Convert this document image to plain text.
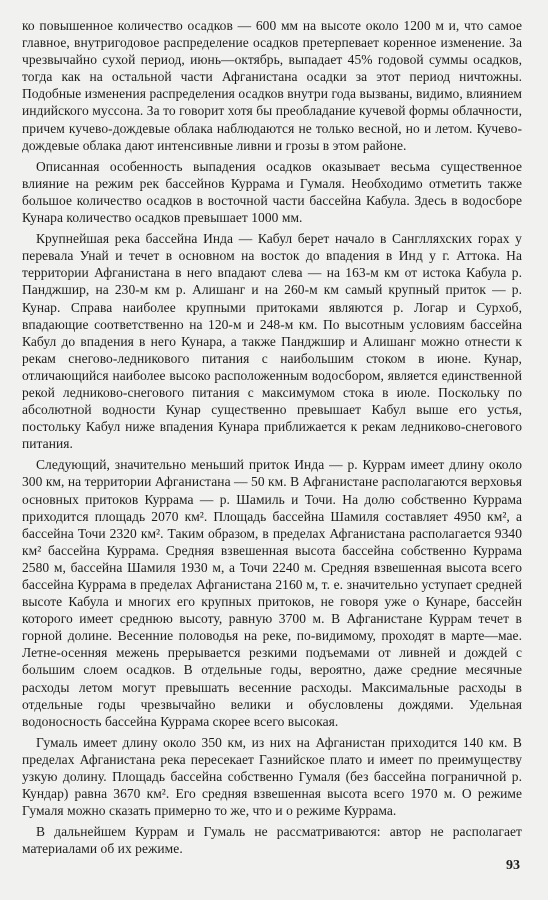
ко повышенное количество осадков — 600 мм на высоте около 1200 м и, что самое главное, внутригодовое распределение осадков претерпевает коренное изменение. За чрезвычайно сухой период, июнь—октябрь, выпадает 45% годовой суммы осадков, тогда как на остальной части Афганистана осадки за этот период ничтожны. Подобные изменения распределения осадков внутри года вызваны, видимо, влиянием индийского муссона. За то говорит хотя бы преобладание кучевой формы облачности, причем кучево-дождевые облака наблюдаются не только весной, но и летом. Кучево-дождевые облака дают интенсивные ливни и грозы в этом районе.

Описанная особенность выпадения осадков оказывает весьма существенное влияние на режим рек бассейнов Куррама и Гумаля. Необходимо отметить также большое количество осадков в восточной части бассейна Кабула. Здесь в водосборе Кунара количество осадков превышает 1000 мм.

Крупнейшая река бассейна Инда — Кабул берет начало в Санглляхских горах у перевала Унай и течет в основном на восток до впадения в Инд у г. Аттока. На территории Афганистана в него впадают слева — на 163-м км от истока Кабула р. Панджшир, на 230-м км р. Алишанг и на 260-м км самый крупный приток — р. Кунар. Справа наиболее крупными притоками являются р. Логар и Сурхоб, впадающие соответственно на 120-м и 248-м км. По высотным условиям бассейна Кабул до впадения в него Кунара, а также Панджшир и Алишанг можно отнести к рекам снегово-ледникового питания с наибольшим стоком в июне. Кунар, отличающийся наиболее высоко расположенным водосбором, является единственной рекой ледниково-снегового питания с максимумом стока в июле. Поскольку по абсолютной водности Кунар существенно превышает Кабул выше его устья, постольку Кабул ниже впадения Кунара приближается к рекам ледниково-снегового питания.

Следующий, значительно меньший приток Инда — р. Куррам имеет длину около 300 км, на территории Афганистана — 50 км. В Афганистане располагаются верховья основных притоков Куррама — р. Шамиль и Точи. На долю собственно Куррама приходится площадь 2070 км². Площадь бассейна Шамиля составляет 4950 км², а бассейна Точи 2320 км². Таким образом, в пределах Афганистана располагается 9340 км² бассейна Куррама. Средняя взвешенная высота бассейна собственно Куррама 2580 м, бассейна Шамиля 1930 м, а Точи 2240 м. Средняя взвешенная высота всего бассейна Куррама в пределах Афганистана 2160 м, т. е. значительно уступает средней высоте Кабула и многих его крупных притоков, не говоря уже о Кунаре, бассейн которого имеет среднюю высоту, равную 3700 м. В Афганистане Куррам течет в горной долине. Весенние половодья на реке, по-видимому, проходят в марте—мае. Летне-осенняя межень прерывается резкими подъемами от ливней и дождей с большим слоем осадков. В отдельные годы, вероятно, даже средние месячные расходы летом могут превышать весенние расходы. Максимальные расходы в отдельные годы чрезвычайно велики и обусловлены дождями. Удельная водоносность бассейна Куррама скорее всего высокая.

Гумаль имеет длину около 350 км, из них на Афганистан приходится 140 км. В пределах Афганистана река пересекает Газнийское плато и имеет по преимуществу узкую долину. Площадь бассейна собственно Гумаля (без бассейна пограничной р. Кундар) равна 3670 км². Его средняя взвешенная высота всего 1970 м. О режиме Гумаля можно сказать примерно то же, что и о режиме Куррама.

В дальнейшем Куррам и Гумаль не рассматриваются: автор не располагает материалами об их режиме.

93
